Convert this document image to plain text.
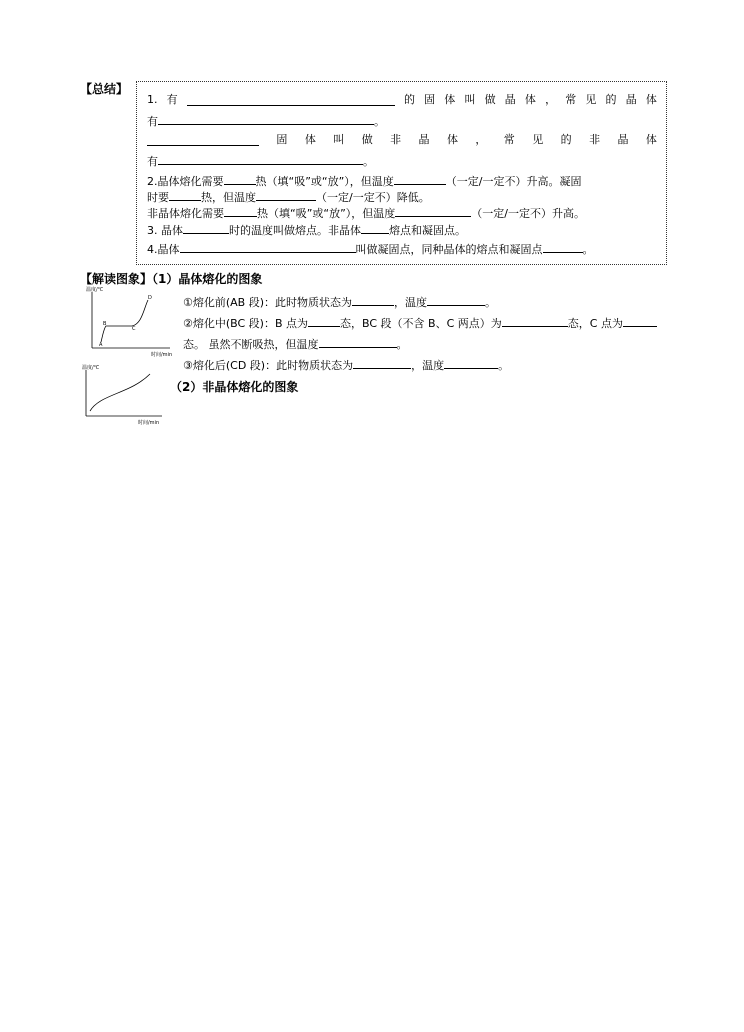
【总结】
1. 有	的 固 体 叫 做 晶 体 ， 常 见 的 晶 体
有	。
固 体 叫 做 非 晶 体 ， 常 见 的 非 晶 体
有	。
2.晶体熔化需要	热（填“吸”或“放”），但温度	（一定/一定不）升高。凝固
时要	热，但温度	（一定/一定不）降低。
非晶体熔化需要	热（填“吸”或“放”），但温度	（一定/一定不）升高。
3. 晶体	时的温度叫做熔点。非晶体	熔点和凝固点。
4.晶体	叫做凝固点，同种晶体的熔点和凝固点	。
【解读图象】（1）晶体熔化的图象
①熔化前(AB 段)：此时物质状态为	，温度	。
②熔化中(BC 段)：B 点为	态，BC 段（不含 B、C 两点）为	态，C 点为
态。 虽然不断吸热，但温度	。
③熔化后(CD 段)：此时物质状态为	，温度	。
（2）非晶体熔化的图象
温度/℃
时间/min
A
B
C
D
温度/℃
时间/min
